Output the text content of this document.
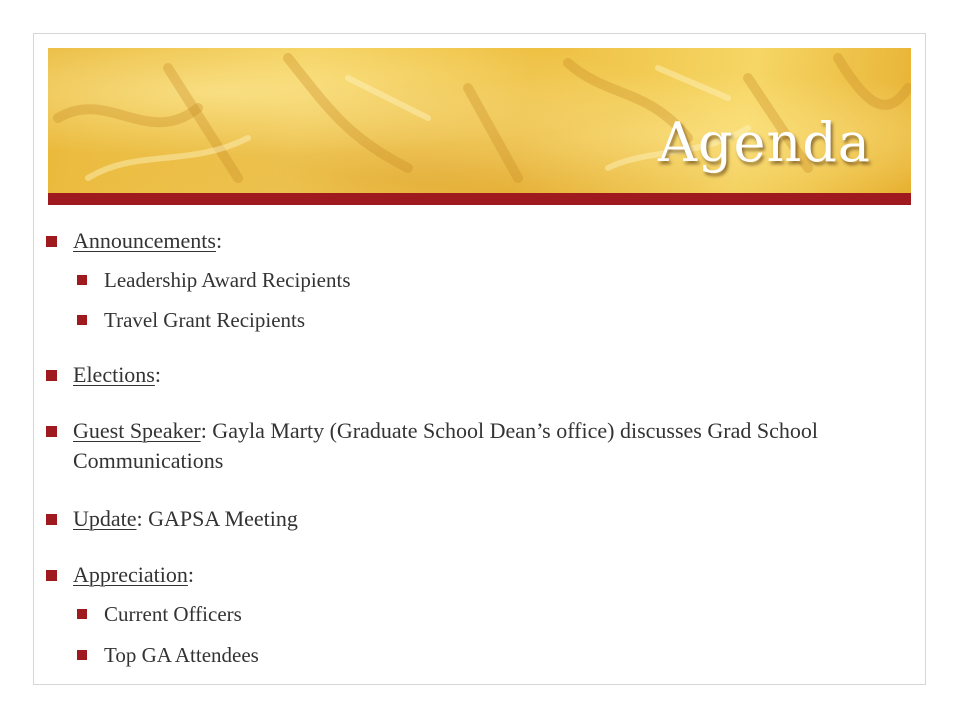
Agenda
Announcements:
Leadership Award Recipients
Travel Grant Recipients
Elections:
Guest Speaker: Gayla Marty (Graduate School Dean’s office) discusses Grad School Communications
Update: GAPSA Meeting
Appreciation:
Current Officers
Top GA Attendees
